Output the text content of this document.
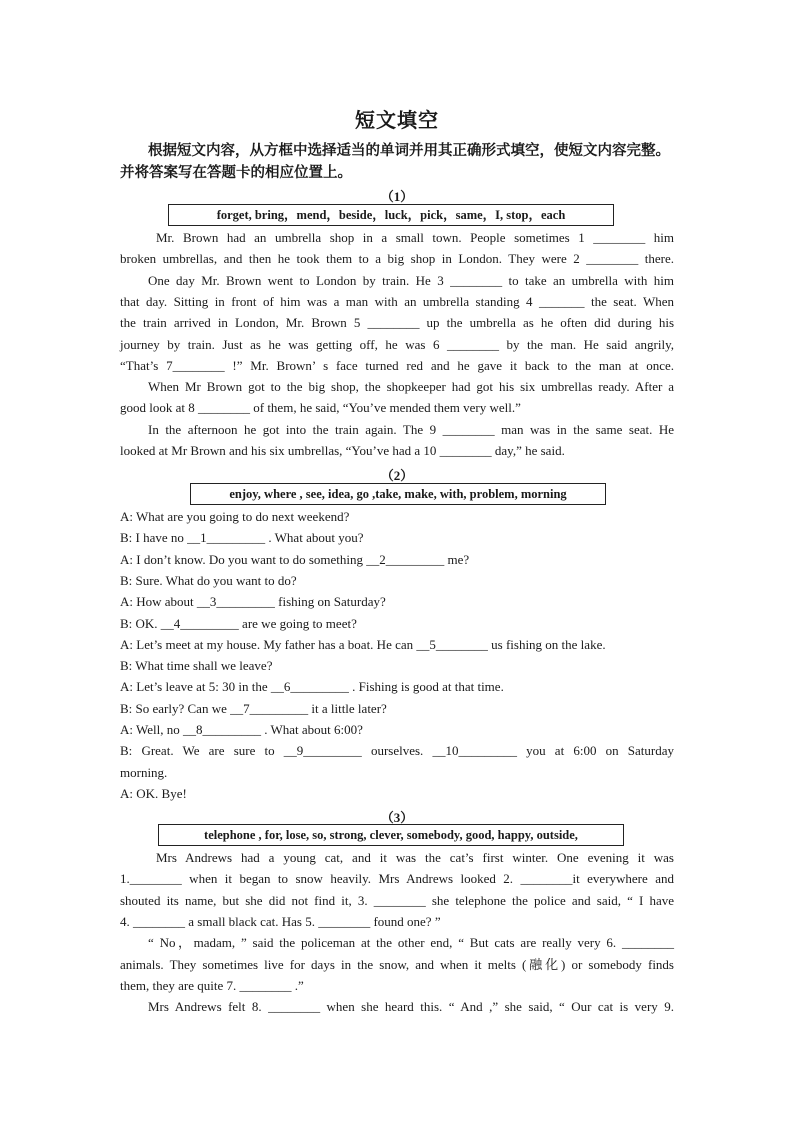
短文填空
根据短文内容，从方框中选择适当的单词并用其正确形式填空，使短文内容完整。并将答案写在答题卡的相应位置上。
（1）
forget, bring，mend，beside，luck，pick，same，I, stop，each
Mr. Brown had an umbrella shop in a small town. People sometimes 1 ________ him
broken umbrellas, and then he took them to a big shop in London. They were 2 ________ there.
One day Mr. Brown went to London by train. He 3 ________ to take an umbrella with him
that day. Sitting in front of him was a man with an umbrella standing 4 _______ the seat. When
the train arrived in London, Mr. Brown 5 ________ up the umbrella as he often did during his
journey by train. Just as he was getting off, he was 6 ________ by the man. He said angrily,
“That’s 7________ !” Mr. Brown’ s face turned red and he gave it back to the man at once.
When Mr Brown got to the big shop, the shopkeeper had got his six umbrellas ready. After a
good look at 8 ________ of them, he said, “You’ve mended them very well.”
In the afternoon he got into the train again. The 9 ________ man was in the same seat. He
looked at Mr Brown and his six umbrellas, “You’ve had a 10 ________ day,” he said.
（2）
enjoy, where , see, idea, go ,take, make, with, problem, morning
A: What are you going to do next weekend?
B: I have no __1_________ . What about you?
A: I don’t know. Do you want to do something __2_________ me?
B: Sure. What do you want to do?
A: How about __3_________ fishing on Saturday?
B: OK. __4_________ are we going to meet?
A: Let’s meet at my house. My father has a boat. He can __5________ us fishing on the lake.
B: What time shall we leave?
A: Let’s leave at 5: 30 in the __6_________ . Fishing is good at that time.
B: So early? Can we __7_________ it a little later?
A: Well, no __8_________ . What about 6:00?
B: Great. We are sure to __9_________ ourselves. __10_________ you at 6:00 on Saturday
morning.
A: OK. Bye!
（3）
telephone , for, lose, so, strong, clever, somebody, good, happy, outside,
Mrs Andrews had a young cat, and it was the cat’s first winter. One evening it was
1.________ when it began to snow heavily. Mrs Andrews looked 2. ________it everywhere and
shouted its name, but she did not find it, 3. ________ she telephone the police and said, “ I have
4. ________ a small black cat. Has 5. ________ found one? ”
“ No，madam, ” said the policeman at the other end, “ But cats are really very 6. ________
animals. They sometimes live for days in the snow, and when it melts (融化) or somebody finds
them, they are quite 7. ________ .”
Mrs Andrews felt 8. ________ when she heard this. “ And ,” she said, “ Our cat is very 9.
